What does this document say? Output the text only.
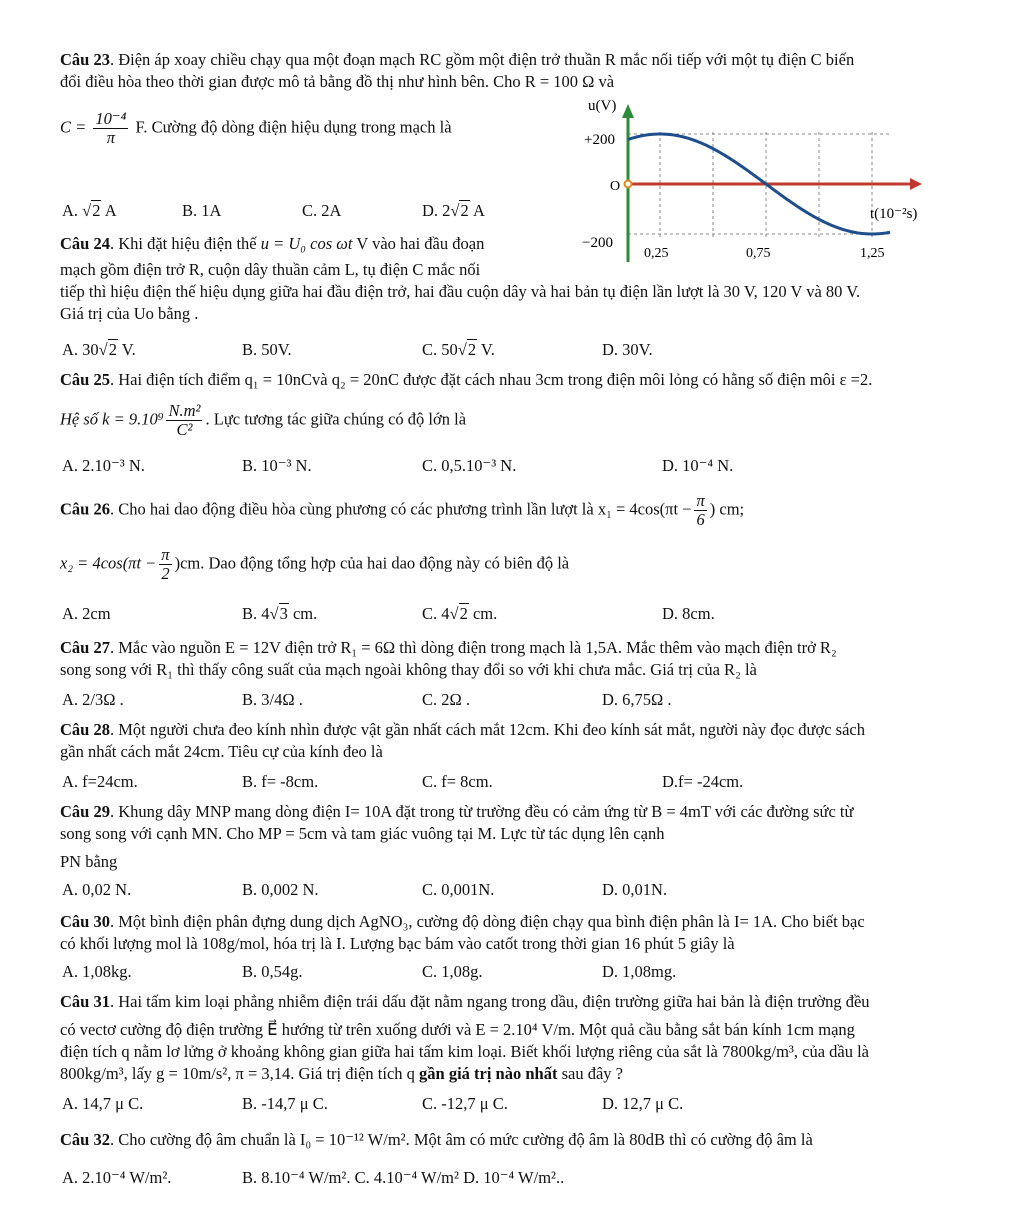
Câu 23. Điện áp xoay chiều chạy qua một đoạn mạch RC gồm một điện trở thuần R mắc nối tiếp với một tụ điện C biến
đổi điều hòa theo thời gian được mô tả bằng đồ thị như hình bên. Cho R = 100 Ω và
$C = \frac{\text{10⁻⁴}}{\pi} F$. Cường độ dòng điện hiệu dụng trong mạch là
A. √2 A	B. 1A	C. 2A	D. 2√2 A
u(V)
+200
O
−200
t(10⁻²s)
0,25	0,75	1,25
Câu 24. Khi đặt hiệu điện thế u = U₀ cos ωt V vào hai đầu đoạn
mạch gồm điện trở R, cuộn dây thuần cảm L, tụ điện C mắc nối
tiếp thì hiệu điện thế hiệu dụng giữa hai đầu điện trở, hai đầu cuộn dây và hai bản tụ điện lần lượt là 30 V, 120 V và 80 V.
Giá trị của Uo bằng .
A. 30√2 V.	B. 50V.	C. 50√2 V.	D. 30V.
Câu 25. Hai điện tích điểm q₁ = 10nCvà q₂ = 20nC được đặt cách nhau 3cm trong điện môi lỏng có hằng số điện môi ε =2.
Hệ số $k = 9.10^9 \frac{\text{N.m²}}{\text{C²}}$ . Lực tương tác giữa chúng có độ lớn là
A. 2.10⁻³ N.	B. 10⁻³ N.	C. 0,5.10⁻³ N.	D. 10⁻⁴ N.
Câu 26. Cho hai dao động điều hòa cùng phương có các phương trình lần lượt là $x_1 = 4\cos(\pi t - \frac{\pi}{6}$ ) cm;
$x_2 = 4\cos(\pi t - \frac{\pi}{2} )cm$. Dao động tổng hợp của hai dao động này có biên độ là
A. 2cm	B. 4√3 cm.	C. 4√2 cm.	D. 8cm.
Câu 27. Mắc vào nguồn E = 12V điện trở R₁ = 6Ω thì dòng điện trong mạch là 1,5A. Mắc thêm vào mạch điện trở R₂
song song với R₁ thì thấy công suất của mạch ngoài không thay đổi so với khi chưa mắc. Giá trị của R₂ là
A. 2/3Ω .	B. 3/4Ω .	C. 2Ω .	D. 6,75Ω .
Câu 28. Một người chưa đeo kính nhìn được vật gần nhất cách mắt 12cm. Khi đeo kính sát mắt, người này đọc được sách
gần nhất cách mắt 24cm. Tiêu cự của kính đeo là
A. f=24cm.	B. f= -8cm.	C. f= 8cm.	D.f= -24cm.
Câu 29. Khung dây MNP mang dòng điện I= 10A đặt trong từ trường đều có cảm ứng từ B = 4mT với các đường sức từ
song song với cạnh MN. Cho MP = 5cm và tam giác vuông tại M. Lực từ tác dụng lên cạnh
PN bằng
A. 0,02 N.	B. 0,002 N.	C. 0,001N.	D. 0,01N.
Câu 30. Một bình điện phân đựng dung dịch AgNO₃, cường độ dòng điện chạy qua bình điện phân là I= 1A. Cho biết bạc
có khối lượng mol là 108g/mol, hóa trị là I. Lượng bạc bám vào catốt trong thời gian 16 phút 5 giây là
A. 1,08kg.	B. 0,54g.	C. 1,08g.	D. 1,08mg.
Câu 31. Hai tấm kim loại phẳng nhiễm điện trái dấu đặt nằm ngang trong dầu, điện trường giữa hai bản là điện trường đều
có vectơ cường độ điện trường E⃗ hướng từ trên xuống dưới và E = 2.10⁴ V/m. Một quả cầu bằng sắt bán kính 1cm mạng
điện tích q nằm lơ lửng ở khoảng không gian giữa hai tấm kim loại. Biết khối lượng riêng của sắt là 7800kg/m³, của dầu là
800kg/m³, lấy g = 10m/s², π = 3,14. Giá trị điện tích q gần giá trị nào nhất sau đây ?
A. 14,7 μ C.	B. -14,7 μ C.	C. -12,7 μ C.	D. 12,7 μ C.
Câu 32. Cho cường độ âm chuẩn là I₀ = 10⁻¹² W/m². Một âm có mức cường độ âm là 80dB thì có cường độ âm là
A. 2.10⁻⁴ W/m².	B. 8.10⁻⁴ W/m². C. 4.10⁻⁴ W/m² D. 10⁻⁴ W/m²..
